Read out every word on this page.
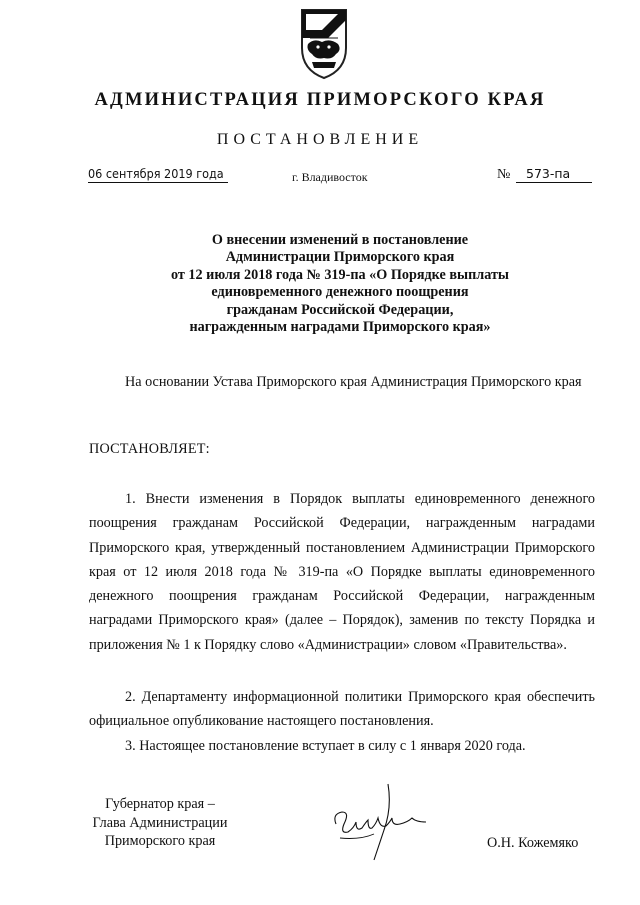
АДМИНИСТРАЦИЯ ПРИМОРСКОГО КРАЯ
ПОСТАНОВЛЕНИЕ
06 сентября 2019 года	г. Владивосток	№	573-па
О внесении изменений в постановление
Администрации Приморского края
от 12 июля 2018 года № 319-па «О Порядке выплаты
единовременного денежного поощрения
гражданам Российской Федерации,
награжденным наградами Приморского края»
На основании Устава Приморского края Администрация Приморского края
ПОСТАНОВЛЯЕТ:
1. Внести изменения в Порядок выплаты единовременного денежного поощрения гражданам Российской Федерации, награжденным наградами Приморского края, утвержденный постановлением Администрации Приморского края от 12 июля 2018 года № 319-па «О Порядке выплаты единовременного денежного поощрения гражданам Российской Федерации, награжденным наградами Приморского края» (далее – Порядок), заменив по тексту Порядка и приложения № 1 к Порядку слово «Администрации» словом «Правительства».
2. Департаменту информационной политики Приморского края обеспечить официальное опубликование настоящего постановления.
3. Настоящее постановление вступает в силу с 1 января 2020 года.
Губернатор края –
Глава Администрации
Приморского края	О.Н. Кожемяко
